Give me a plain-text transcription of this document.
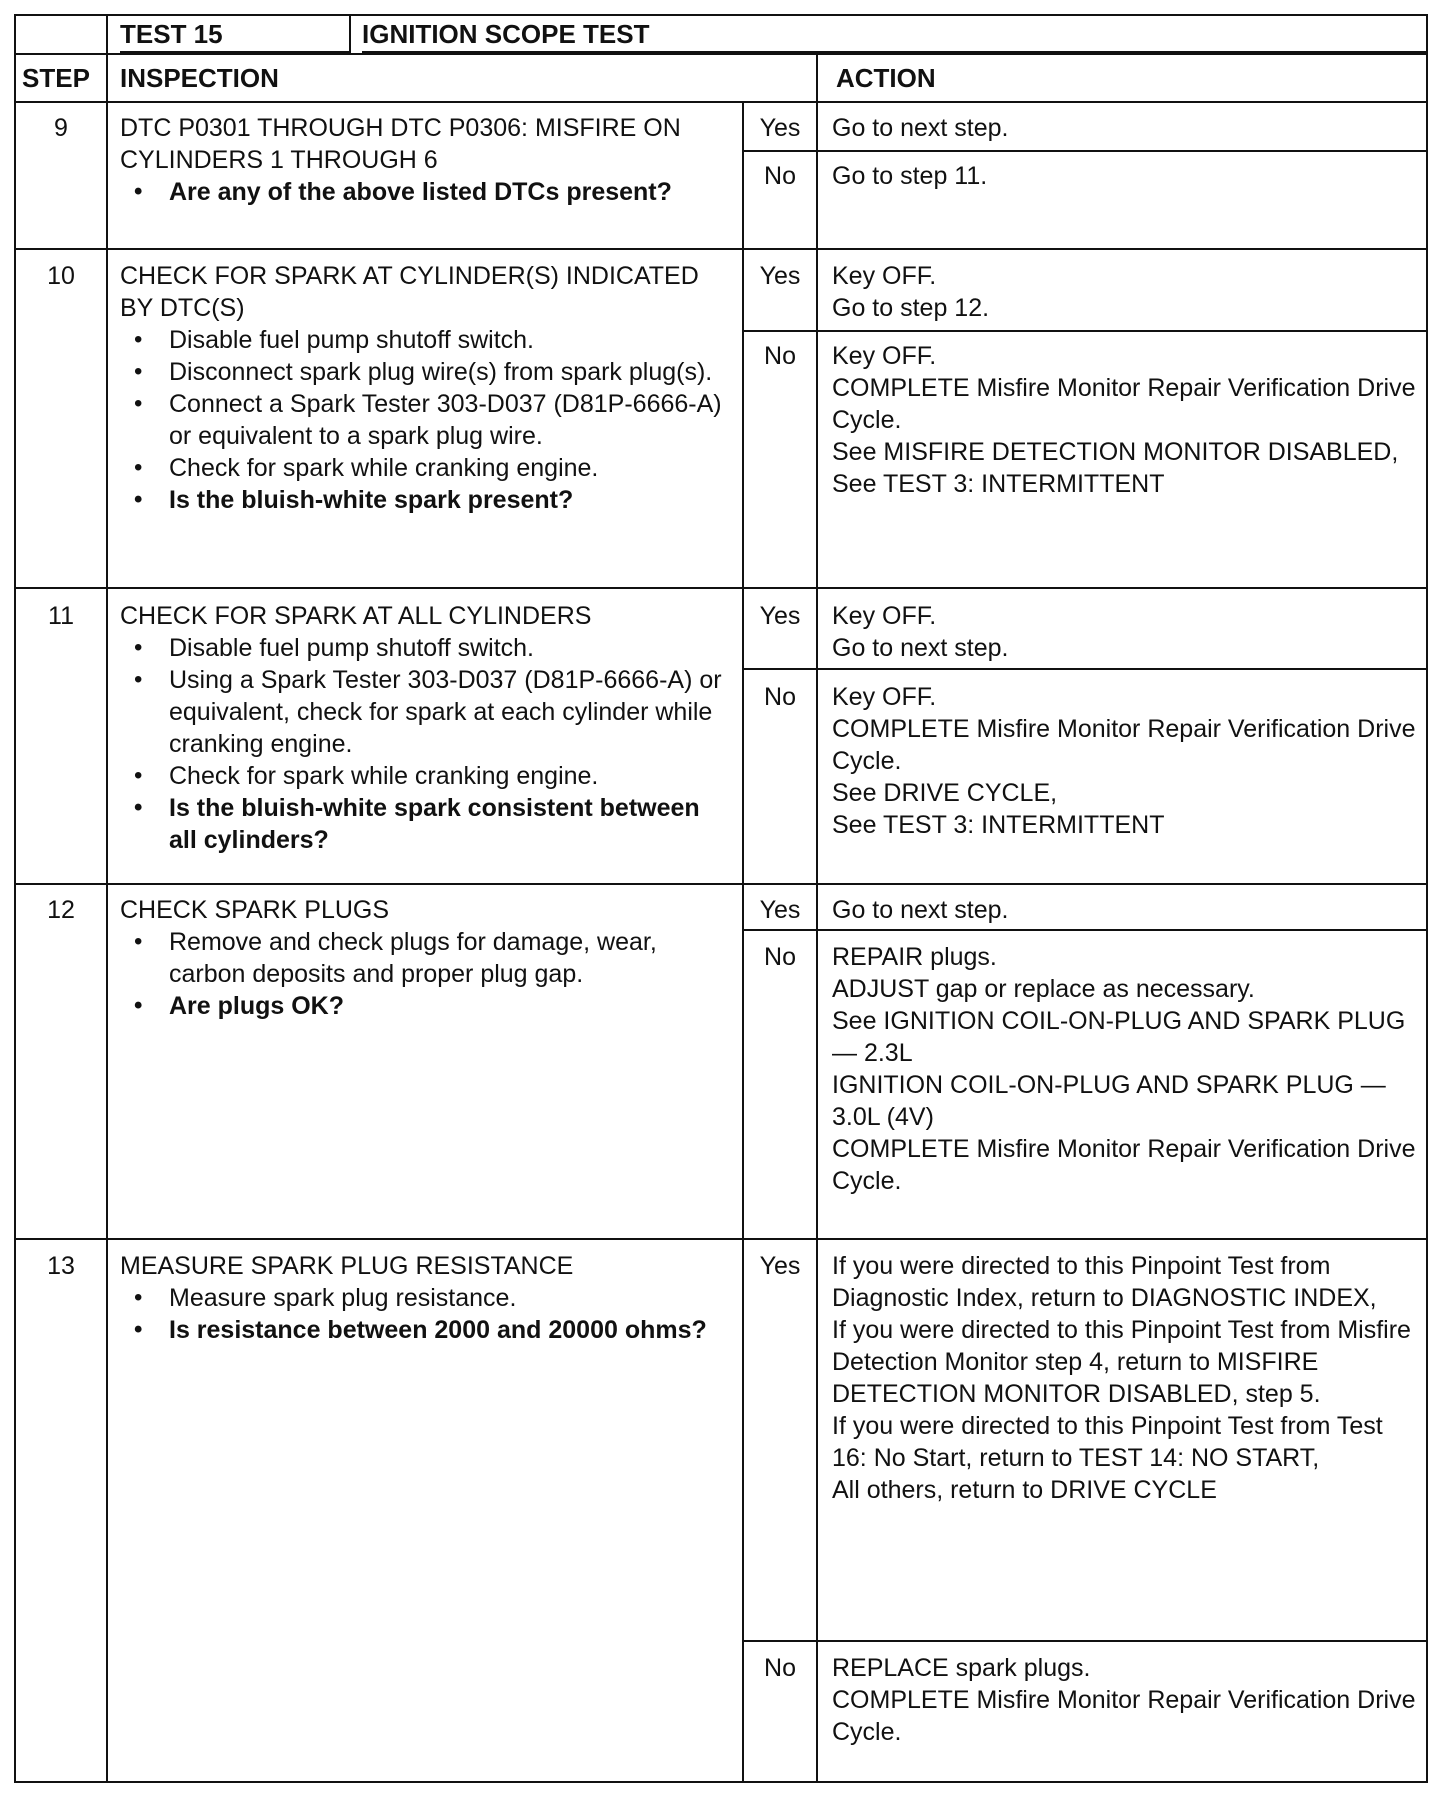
TEST 15	IGNITION SCOPE TEST
STEP	INSPECTION	ACTION
9	DTC P0301 THROUGH DTC P0306: MISFIRE ON CYLINDERS 1 THROUGH 6
• Are any of the above listed DTCs present?
Yes	Go to next step.
No	Go to step 11.
10	CHECK FOR SPARK AT CYLINDER(S) INDICATED BY DTC(S)
• Disable fuel pump shutoff switch.
• Disconnect spark plug wire(s) from spark plug(s).
• Connect a Spark Tester 303-D037 (D81P-6666-A) or equivalent to a spark plug wire.
• Check for spark while cranking engine.
• Is the bluish-white spark present?
Yes	Key OFF.
Go to step 12.
No	Key OFF.
COMPLETE Misfire Monitor Repair Verification Drive Cycle.
See MISFIRE DETECTION MONITOR DISABLED,
See TEST 3: INTERMITTENT
11	CHECK FOR SPARK AT ALL CYLINDERS
• Disable fuel pump shutoff switch.
• Using a Spark Tester 303-D037 (D81P-6666-A) or equivalent, check for spark at each cylinder while cranking engine.
• Check for spark while cranking engine.
• Is the bluish-white spark consistent between all cylinders?
Yes	Key OFF.
Go to next step.
No	Key OFF.
COMPLETE Misfire Monitor Repair Verification Drive Cycle.
See DRIVE CYCLE,
See TEST 3: INTERMITTENT
12	CHECK SPARK PLUGS
• Remove and check plugs for damage, wear, carbon deposits and proper plug gap.
• Are plugs OK?
Yes	Go to next step.
No	REPAIR plugs.
ADJUST gap or replace as necessary.
See IGNITION COIL-ON-PLUG AND SPARK PLUG — 2.3L
IGNITION COIL-ON-PLUG AND SPARK PLUG — 3.0L (4V)
COMPLETE Misfire Monitor Repair Verification Drive Cycle.
13	MEASURE SPARK PLUG RESISTANCE
• Measure spark plug resistance.
• Is resistance between 2000 and 20000 ohms?
Yes	If you were directed to this Pinpoint Test from Diagnostic Index, return to DIAGNOSTIC INDEX,
If you were directed to this Pinpoint Test from Misfire Detection Monitor step 4, return to MISFIRE DETECTION MONITOR DISABLED, step 5.
If you were directed to this Pinpoint Test from Test 16: No Start, return to TEST 14: NO START,
All others, return to DRIVE CYCLE
No	REPLACE spark plugs.
COMPLETE Misfire Monitor Repair Verification Drive Cycle.
